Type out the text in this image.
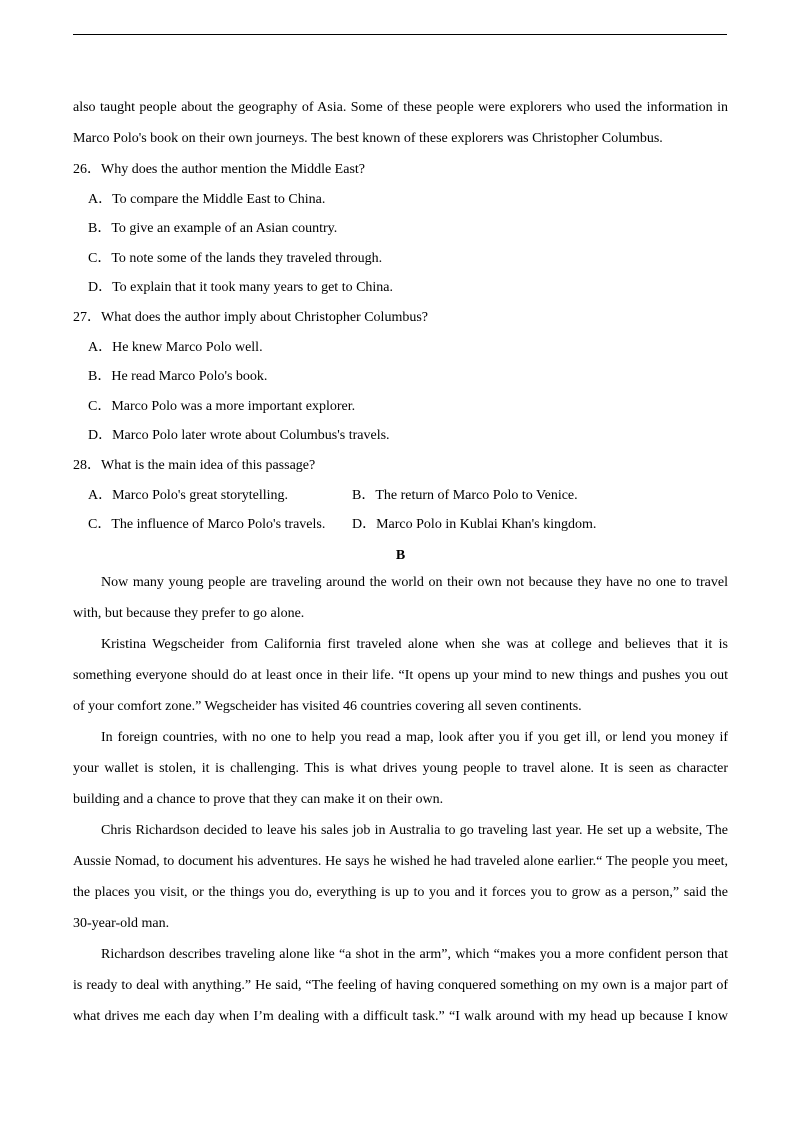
also taught people about the geography of Asia. Some of these people were explorers who used the information in
Marco Polo's book on their own journeys. The best known of these explorers was Christopher Columbus.
26．Why does the author mention the Middle East?
A．To compare the Middle East to China.
B．To give an example of an Asian country.
C．To note some of the lands they traveled through.
D．To explain that it took many years to get to China.
27．What does the author imply about Christopher Columbus?
A．He knew Marco Polo well.
B．He read Marco Polo's book.
C．Marco Polo was a more important explorer.
D．Marco Polo later wrote about Columbus's travels.
28．What is the main idea of this passage?
A．Marco Polo's great storytelling.	B．The return of Marco Polo to Venice.
C．The influence of Marco Polo's travels. D．Marco Polo in Kublai Khan's kingdom.
B
Now many young people are traveling around the world on their own not because they have no one to travel
with, but because they prefer to go alone.
Kristina Wegscheider from California first traveled alone when she was at college and believes that it is
something everyone should do at least once in their life. “It opens up your mind to new things and pushes you out
of your comfort zone.” Wegscheider has visited 46 countries covering all seven continents.
In foreign countries, with no one to help you read a map, look after you if you get ill, or lend you money if
your wallet is stolen, it is challenging. This is what drives young people to travel alone. It is seen as character
building and a chance to prove that they can make it on their own.
Chris Richardson decided to leave his sales job in Australia to go traveling last year. He set up a website, The
Aussie Nomad, to document his adventures. He says he wished he had traveled alone earlier.“ The people you meet,
the places you visit, or the things you do, everything is up to you and it forces you to grow as a person,” said the
30-year-old man.
Richardson describes traveling alone like “a shot in the arm”, which “makes you a more confident person that
is ready to deal with anything.” He said, “The feeling of having conquered something on my own is a major part of
what drives me each day when I’m dealing with a difficult task.” “I walk around with my head up because I know
